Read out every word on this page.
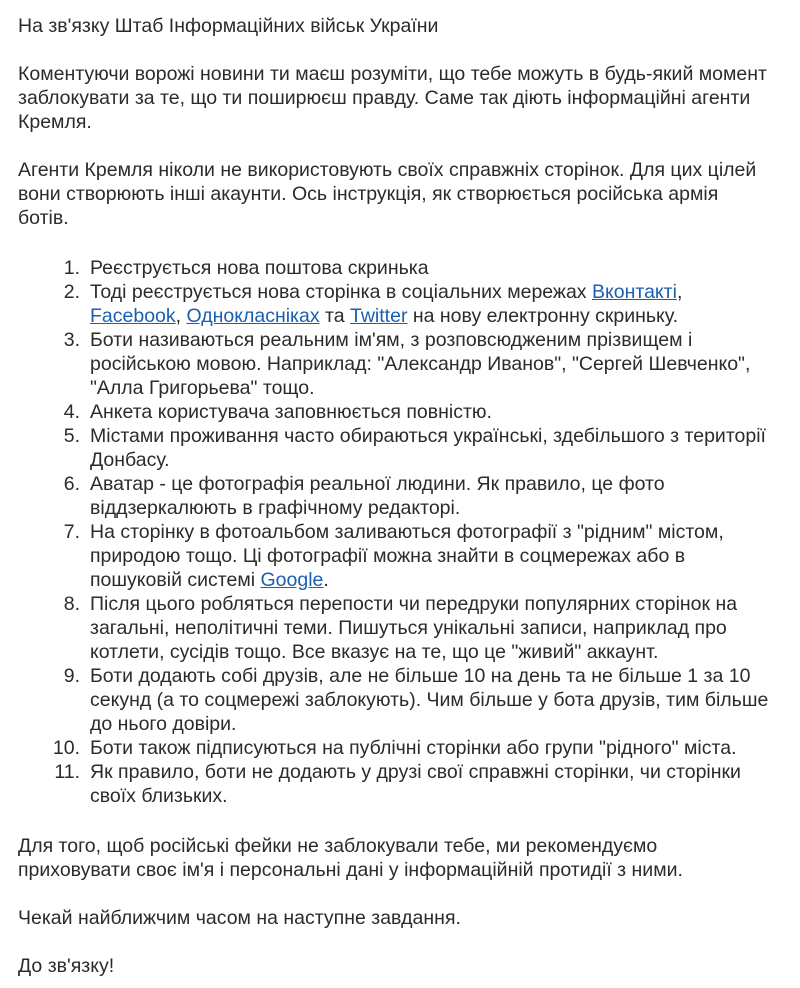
На зв'язку Штаб Інформаційних військ України

Коментуючи ворожі новини ти маєш розуміти, що тебе можуть в будь-який момент заблокувати за те, що ти поширюєш правду. Саме так діють інформаційні агенти Кремля.

Агенти Кремля ніколи не використовують своїх справжніх сторінок. Для цих цілей вони створюють інші акаунти. Ось інструкція, як створюється російська армія ботів.

1. Реєструється нова поштова скринька
2. Тоді реєструється нова сторінка в соціальних мережах Вконтакті, Facebook, Однокласніках та Twitter на нову електронну скриньку.
3. Боти називаються реальним ім'ям, з розповсюдженим прізвищем і російською мовою. Наприклад: "Александр Иванов", "Сергей Шевченко", "Алла Григорьева" тощо.
4. Анкета користувача заповнюється повністю.
5. Містами проживання часто обираються українські, здебільшого з території Донбасу.
6. Аватар - це фотографія реальної людини. Як правило, це фото віддзеркалюють в графічному редакторі.
7. На сторінку в фотоальбом заливаються фотографії з "рідним" містом, природою тощо. Ці фотографії можна знайти в соцмережах або в пошуковій системі Google.
8. Після цього робляться перепости чи передруки популярних сторінок на загальні, неполітичні теми. Пишуться унікальні записи, наприклад про котлети, сусідів тощо. Все вказує на те, що це "живий" аккаунт.
9. Боти додають собі друзів, але не більше 10 на день та не більше 1 за 10 секунд (а то соцмережі заблокують). Чим більше у бота друзів, тим більше до нього довіри.
10. Боти також підписуються на публічні сторінки або групи "рідного" міста.
11. Як правило, боти не додають у друзі свої справжні сторінки, чи сторінки своїх близьких.

Для того, щоб російські фейки не заблокували тебе, ми рекомендуємо приховувати своє ім'я і персональні дані у інформаційній протидії з ними.

Чекай найближчим часом на наступне завдання.

До зв'язку!
